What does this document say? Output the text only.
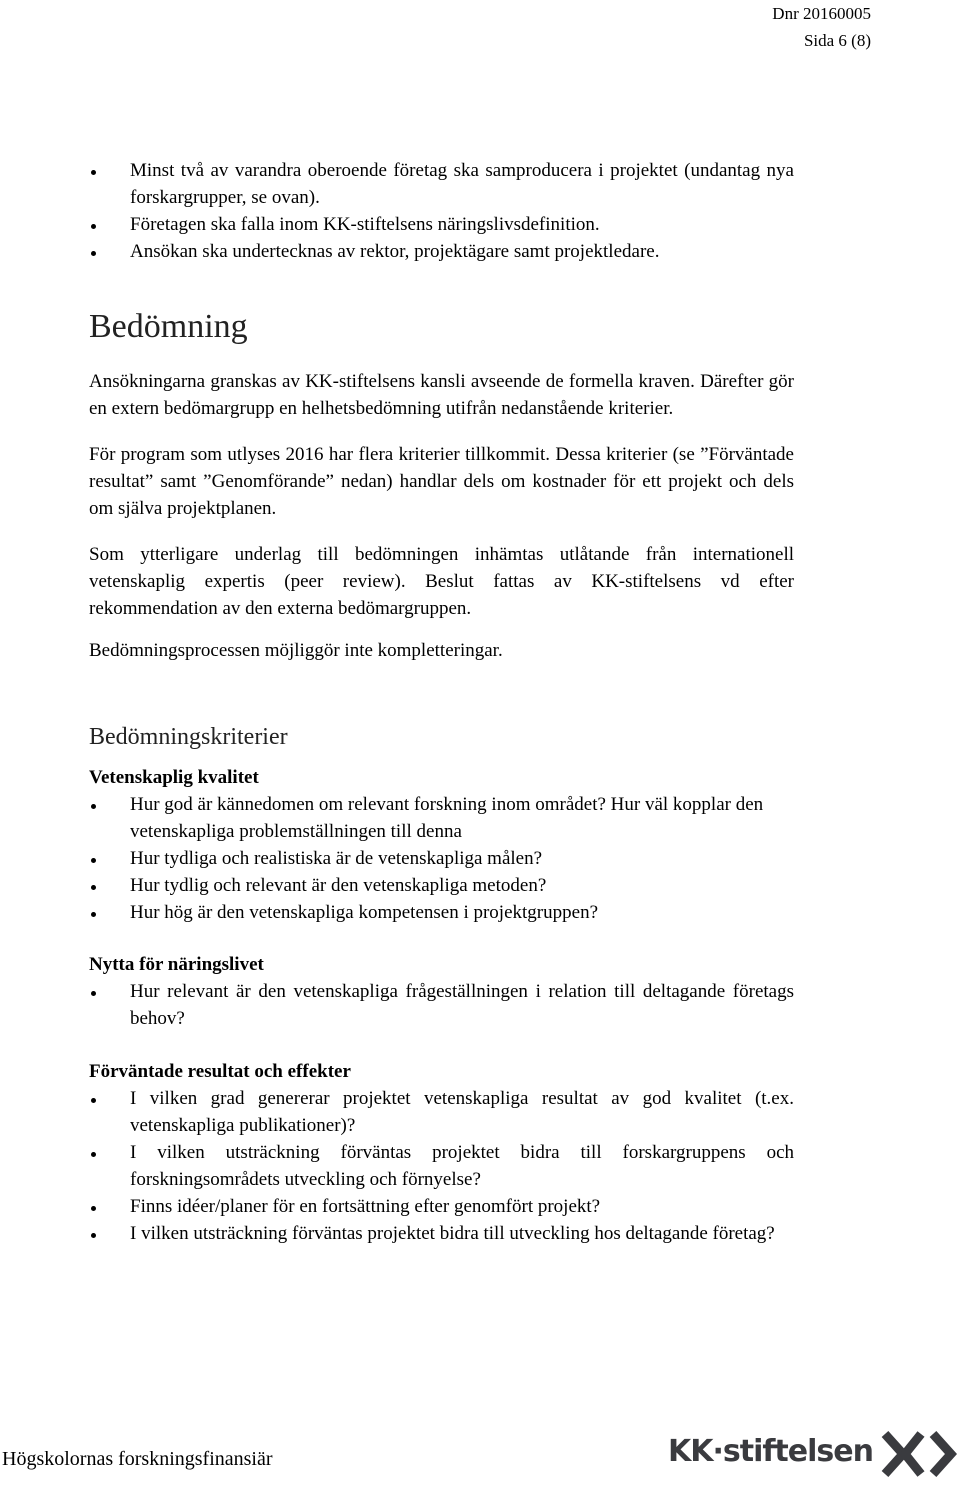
Dnr 20160005
Sida 6 (8)
Minst två av varandra oberoende företag ska samproducera i projektet (undantag nya forskargrupper, se ovan).
Företagen ska falla inom KK-stiftelsens näringslivsdefinition.
Ansökan ska undertecknas av rektor, projektägare samt projektledare.
Bedömning

Ansökningarna granskas av KK-stiftelsens kansli avseende de formella kraven. Därefter gör en extern bedömargrupp en helhetsbedömning utifrån nedanstående kriterier.

För program som utlyses 2016 har flera kriterier tillkommit. Dessa kriterier (se ”Förväntade resultat” samt ”Genomförande” nedan) handlar dels om kostnader för ett projekt och dels om själva projektplanen.

Som ytterligare underlag till bedömningen inhämtas utlåtande från internationell vetenskaplig expertis (peer review). Beslut fattas av KK-stiftelsens vd efter rekommendation av den externa bedömargruppen.

Bedömningsprocessen möjliggör inte kompletteringar.

Bedömningskriterier
Vetenskaplig kvalitet
Hur god är kännedomen om relevant forskning inom området? Hur väl kopplar den vetenskapliga problemställningen till denna
Hur tydliga och realistiska är de vetenskapliga målen?
Hur tydlig och relevant är den vetenskapliga metoden?
Hur hög är den vetenskapliga kompetensen i projektgruppen?
Nytta för näringslivet
Hur relevant är den vetenskapliga frågeställningen i relation till deltagande företags behov?
Förväntade resultat och effekter
I vilken grad genererar projektet vetenskapliga resultat av god kvalitet (t.ex. vetenskapliga publikationer)?
I vilken utsträckning förväntas projektet bidra till forskargruppens och forskningsområdets utveckling och förnyelse?
Finns idéer/planer för en fortsättning efter genomfört projekt?
I vilken utsträckning förväntas projektet bidra till utveckling hos deltagande företag?
Högskolornas forskningsfinansiär	KK·stiftelsen
